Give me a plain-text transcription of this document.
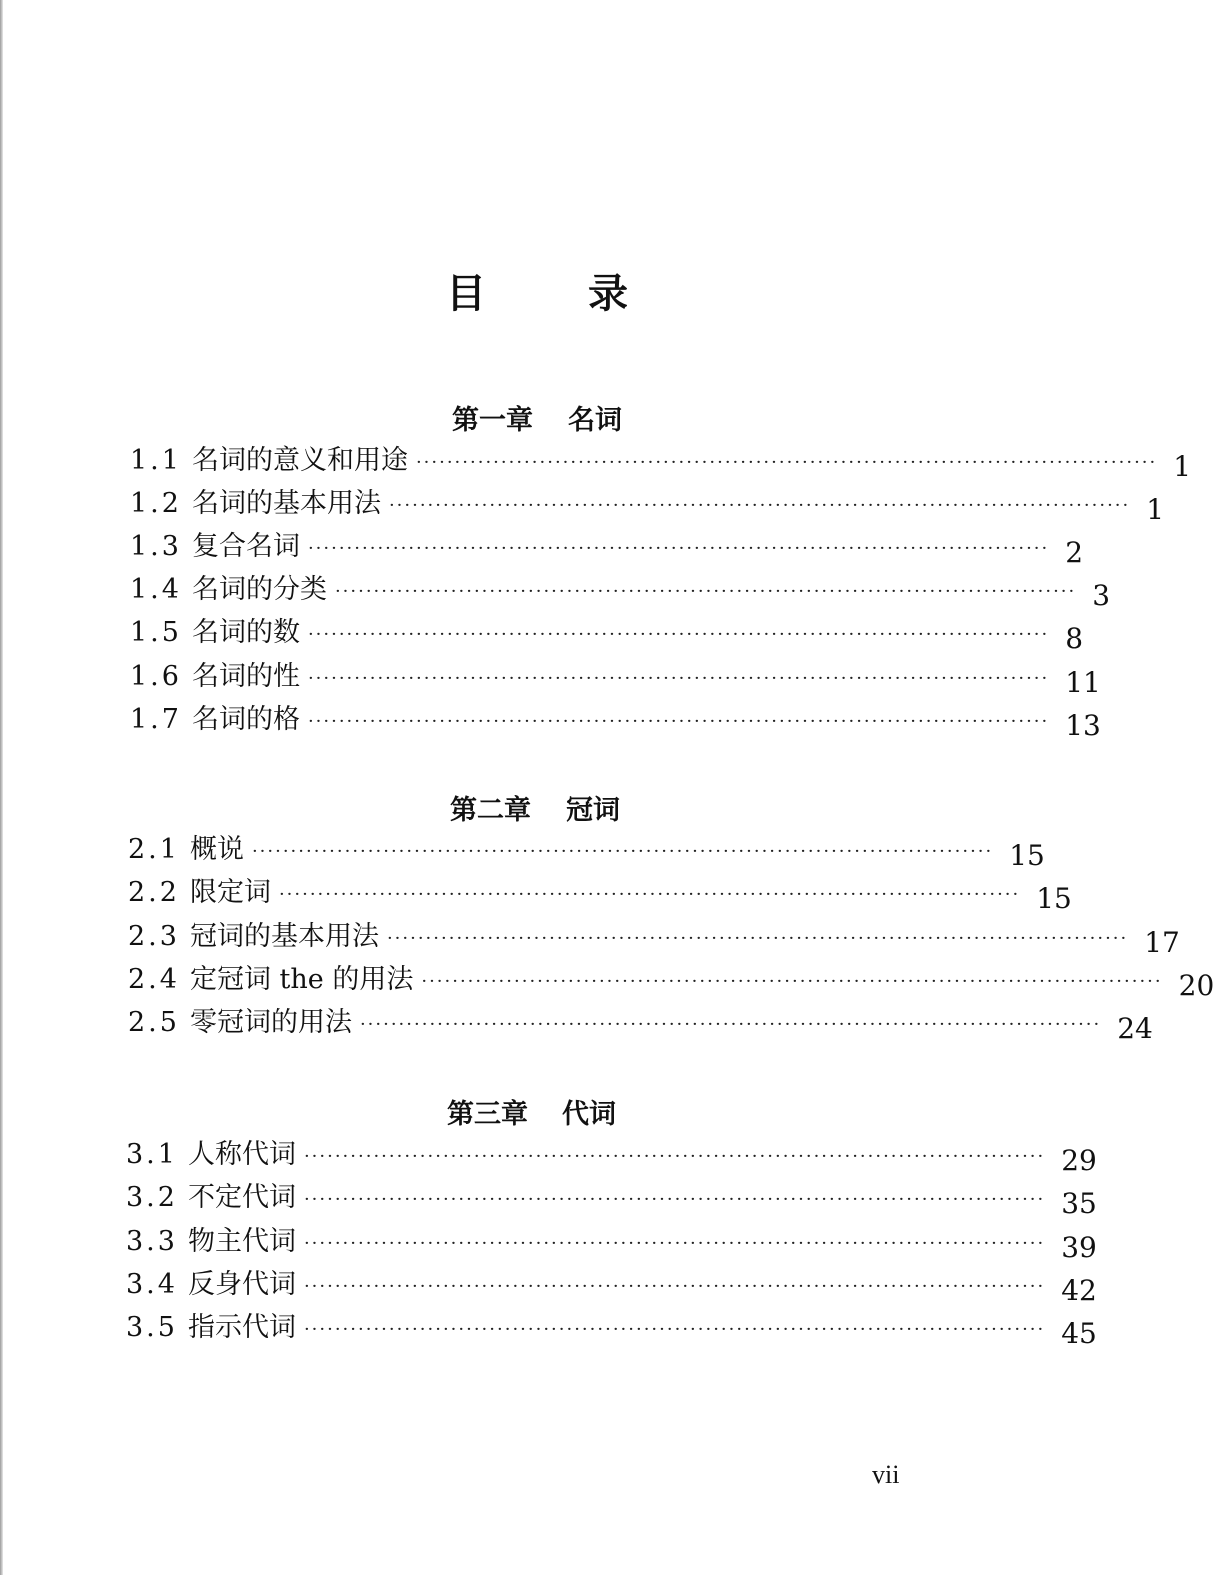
目	录
第一章 名词
1.1 名词的意义和用途 ································································································ 1
1.2 名词的基本用法 ································································································ 1
1.3 复合名词 ································································································ 2
1.4 名词的分类 ································································································ 3
1.5 名词的数 ································································································ 8
1.6 名词的性 ································································································ 11
1.7 名词的格 ································································································ 13
第二章 冠词
2.1 概说 ································································································ 15
2.2 限定词 ································································································ 15
2.3 冠词的基本用法 ································································································ 17
2.4 定冠词 the 的用法 ································································································ 20
2.5 零冠词的用法 ································································································ 24
第三章 代词
3.1 人称代词 ································································································ 29
3.2 不定代词 ································································································ 35
3.3 物主代词 ································································································ 39
3.4 反身代词 ································································································ 42
3.5 指示代词 ································································································ 45
vii
